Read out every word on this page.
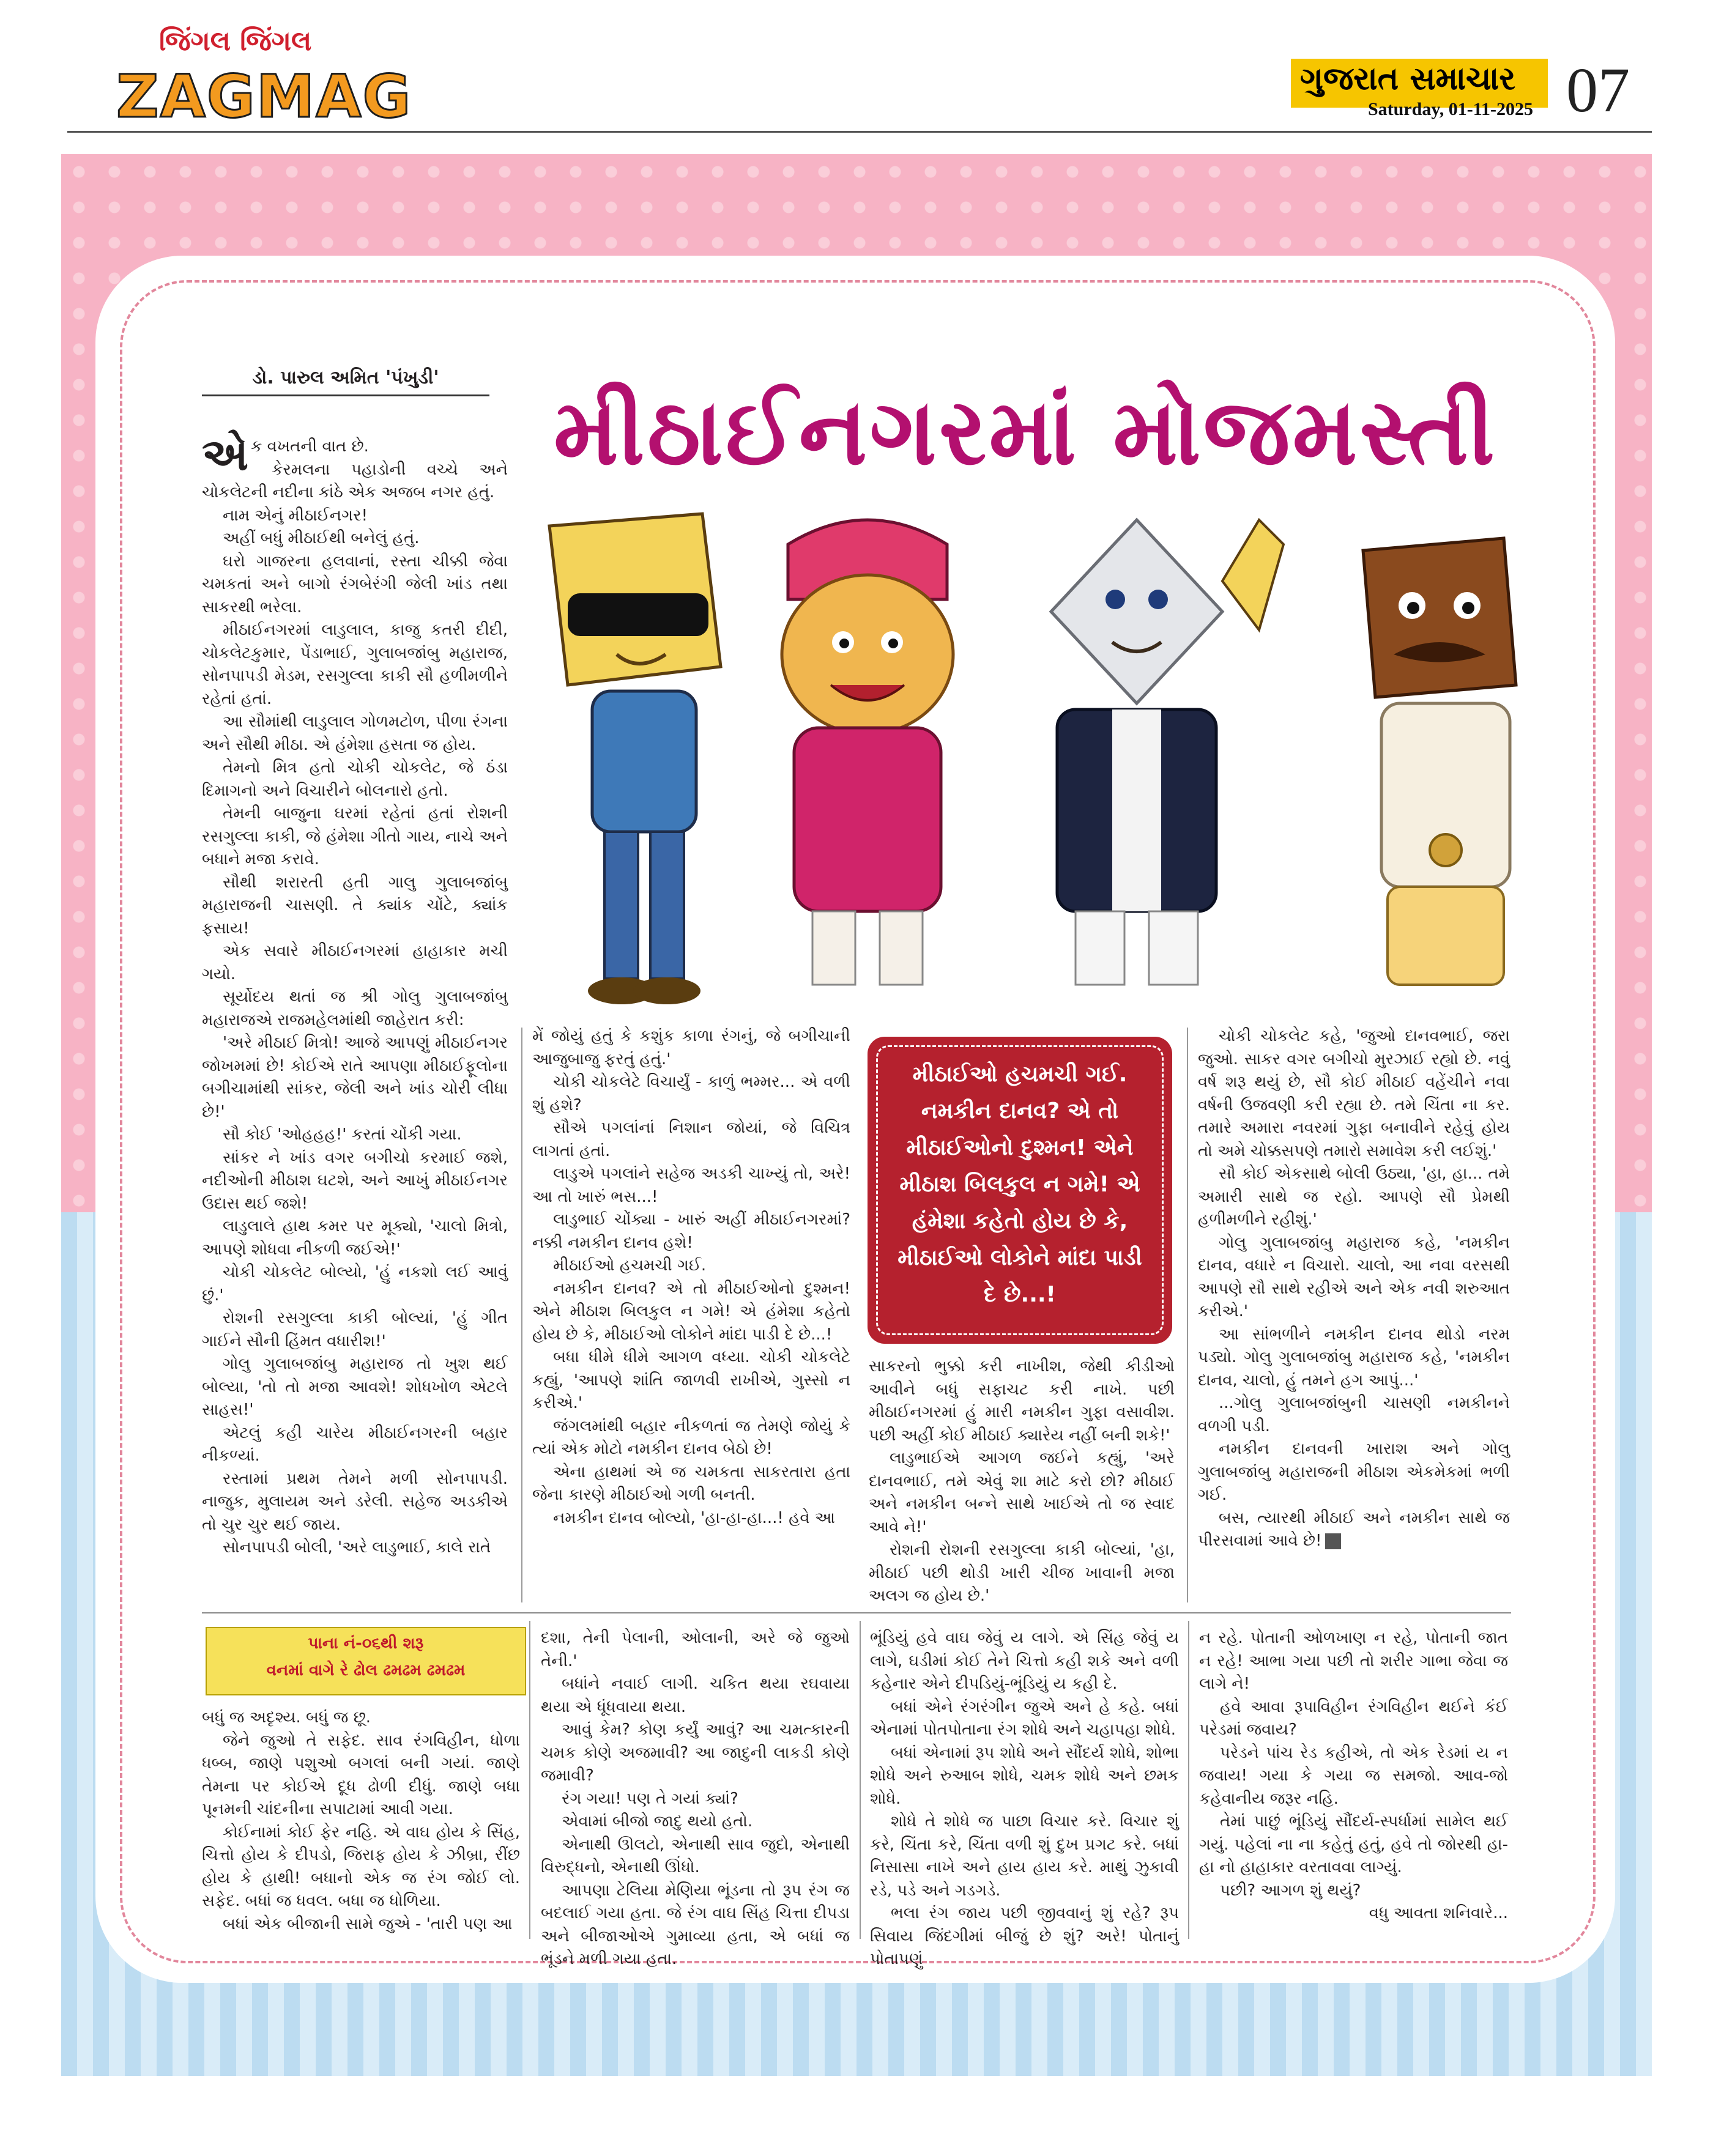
જિંગલ જિંગલ
ZAGMAG	ગુજરાત સમાચાર
Saturday, 01-11-2025 07
ડો. પારુલ અમિત 'પંખુડી'
મીઠાઈનગરમાં મોજમસ્તી

એક વખતની વાત છે.

કેરમલના પહાડોની વચ્ચે અને ચોકલેટની નદીના કાંઠે એક અજબ નગર હતું.

નામ એનું મીઠાઈનગર!

અહીં બધું મીઠાઈથી બનેલું હતું.

ઘરો ગાજરના હલવાનાં, રસ્તા ચીક્કી જેવા ચમકતાં અને બાગો રંગબેરંગી જેલી ખાંડ તથા સાકરથી ભરેલા.

મીઠાઈનગરમાં લાડુલાલ, કાજુ કતરી દીદી, ચોકલેટકુમાર, પેંડાભાઈ, ગુલાબજાંબુ મહારાજ, સોનપાપડી મેડમ, રસગુલ્લા કાકી સૌ હળીમળીને રહેતાં હતાં.

આ સૌમાંથી લાડુલાલ ગોળમટોળ, પીળા રંગના અને સૌથી મીઠા. એ હંમેશા હસતા જ હોય.

તેમનો મિત્ર હતો ચોકી ચોકલેટ, જે ઠંડા દિમાગનો અને વિચારીને બોલનારો હતો.

તેમની બાજુના ઘરમાં રહેતાં હતાં રોશની રસગુલ્લા કાકી, જે હંમેશા ગીતો ગાય, નાચે અને બધાને મજા કરાવે.

સૌથી શરારતી હતી ગાલુ ગુલાબજાંબુ મહારાજની ચાસણી. તે ક્યાંક ચોંટે, ક્યાંક ફસાય!

એક સવારે મીઠાઈનગરમાં હાહાકાર મચી ગયો.

સૂર્યોદય થતાં જ શ્રી ગોલુ ગુલાબજાંબુ મહારાજએ રાજમહેલમાંથી જાહેરાત કરી:

'અરે મીઠાઈ મિત્રો! આજે આપણું મીઠાઈનગર જોખમમાં છે! કોઈએ રાતે આપણા મીઠાઈફૂલોના બગીચામાંથી સાંકર, જેલી અને ખાંડ ચોરી લીધા છે!'

સૌ કોઈ 'ઓહહહ!' કરતાં ચોંકી ગયા.

સાંકર ને ખાંડ વગર બગીચો કરમાઈ જશે, નદીઓની મીઠાશ ઘટશે, અને આખું મીઠાઈનગર ઉદાસ થઈ જશે!

લાડુલાલે હાથ કમર પર મૂક્યો, 'ચાલો મિત્રો, આપણે શોધવા નીકળી જઈએ!'

ચોકી ચોકલેટ બોલ્યો, 'હું નકશો લઈ આવું છું.'

રોશની રસગુલ્લા કાકી બોલ્યાં, 'હું ગીત ગાઈને સૌની હિંમત વધારીશ!'

ગોલુ ગુલાબજાંબુ મહારાજ તો ખુશ થઈ બોલ્યા, 'તો તો મજા આવશે! શોધખોળ એટલે સાહસ!'

એટલું કહી ચારેય મીઠાઈનગરની બહાર નીકળ્યાં.

રસ્તામાં પ્રથમ તેમને મળી સોનપાપડી. નાજુક, મુલાયમ અને ડરેલી. સહેજ અડકીએ તો ચુર ચુર થઈ જાય.

સોનપાપડી બોલી, 'અરે લાડુભાઈ, કાલે રાતે

મેં જોયું હતું કે કશુંક કાળા રંગનું, જે બગીચાની આજુબાજુ ફરતું હતું.'

ચોકી ચોકલેટે વિચાર્યું - કાળું ભમ્મર... એ વળી શું હશે?

સૌએ પગલાંનાં નિશાન જોયાં, જે વિચિત્ર લાગતાં હતાં.

લાડુએ પગલાંને સહેજ અડકી ચાખ્યું તો, અરે! આ તો ખારું ભસ...!

લાડુભાઈ ચોંક્યા - ખારું અહીં મીઠાઈનગરમાં? નક્કી નમકીન દાનવ હશે!

મીઠાઈઓ હચમચી ગઈ.

નમકીન દાનવ? એ તો મીઠાઈઓનો દુશ્મન! એને મીઠાશ બિલકુલ ન ગમે! એ હંમેશા કહેતો હોય છે કે, મીઠાઈઓ લોકોને માંદા પાડી દે છે...!

બધા ધીમે ધીમે આગળ વધ્યા. ચોકી ચોકલેટે કહ્યું, 'આપણે શાંતિ જાળવી રાખીએ, ગુસ્સો ન કરીએ.'

જંગલમાંથી બહાર નીકળતાં જ તેમણે જોયું કે ત્યાં એક મોટો નમકીન દાનવ બેઠો છે!

એના હાથમાં એ જ ચમકતા સાકરતારા હતા જેના કારણે મીઠાઈઓ ગળી બનતી.

નમકીન દાનવ બોલ્યો, 'હા-હા-હા...! હવે આ

મીઠાઈઓ હચમચી ગઈ. નમકીન દાનવ? એ તો મીઠાઈઓનો દુશ્મન! એને મીઠાશ બિલકુલ ન ગમે! એ હંમેશા કહેતો હોય છે કે, મીઠાઈઓ લોકોને માંદા પાડી દે છે...!

સાકરનો ભુક્કો કરી નાખીશ, જેથી કીડીઓ આવીને બધું સફાચટ કરી નાખે. પછી મીઠાઈનગરમાં હું મારી નમકીન ગુફા વસાવીશ. પછી અહીં કોઈ મીઠાઈ ક્યારેય નહીં બની શકે!'

લાડુભાઈએ આગળ જઈને કહ્યું, 'અરે દાનવભાઈ, તમે એવું શા માટે કરો છો? મીઠાઈ અને નમકીન બન્ને સાથે ખાઈએ તો જ સ્વાદ આવે ને!'

રોશની રોશની રસગુલ્લા કાકી બોલ્યાં, 'હા, મીઠાઈ પછી થોડી ખારી ચીજ ખાવાની મજા અલગ જ હોય છે.'

ચોકી ચોકલેટ કહે, 'જુઓ દાનવભાઈ, જરા જુઓ. સાકર વગર બગીચો મુરઝાઈ રહ્યો છે. નવું વર્ષ શરૂ થયું છે, સૌ કોઈ મીઠાઈ વહેંચીને નવા વર્ષની ઉજવણી કરી રહ્યા છે. તમે ચિંતા ના કર. તમારે અમારા નવરમાં ગુફા બનાવીને રહેવું હોય તો અમે ચોક્કસપણે તમારો સમાવેશ કરી લઈશું.'

સૌ કોઈ એકસાથે બોલી ઉઠ્યા, 'હા, હા... તમે અમારી સાથે જ રહો. આપણે સૌ પ્રેમથી હળીમળીને રહીશું.'

ગોલુ ગુલાબજાંબુ મહારાજ કહે, 'નમકીન દાનવ, વધારે ન વિચારો. ચાલો, આ નવા વરસથી આપણે સૌ સાથે રહીએ અને એક નવી શરુઆત કરીએ.'

આ સાંભળીને નમકીન દાનવ થોડો નરમ પડ્યો. ગોલુ ગુલાબજાંબુ મહારાજ કહે, 'નમકીન દાનવ, ચાલો, હું તમને હગ આપું...'

...ગોલુ ગુલાબજાંબુની ચાસણી નમકીનને વળગી પડી.

નમકીન દાનવની ખારાશ અને ગોલુ ગુલાબજાંબુ મહારાજની મીઠાશ એકમેકમાં ભળી ગઈ.

બસ, ત્યારથી મીઠાઈ અને નમકીન સાથે જ પીરસવામાં આવે છે!

પાના નં-૦૬થી શરૂ
વનમાં વાગે રે ઢોલ ઢમઢમ ઢમઢમ

બધું જ અદૃશ્ય. બધું જ છૂ.

જેને જુઓ તે સફેદ. સાવ રંગવિહીન, ધોળા ધબ્બ, જાણે પશુઓ બગલાં બની ગયાં. જાણે તેમના પર કોઈએ દૂધ ઢોળી દીધું. જાણે બધા પૂનમની ચાંદનીના સપાટામાં આવી ગયા.

કોઈનામાં કોઈ ફેર નહિ. એ વાઘ હોય કે સિંહ, ચિત્તો હોય કે દીપડો, જિરાફ હોય કે ઝીબ્રા, રીંછ હોય કે હાથી! બધાનો એક જ રંગ જોઈ લો. સફેદ. બધાં જ ધવલ. બધા જ ધોળિયા.

બધાં એક બીજાની સામે જુએ - 'તારી પણ આ

દશા, તેની પેલાની, ઓલાની, અરે જે જુઓ તેની.'

બધાંને નવાઈ લાગી. ચકિત થયા રઘવાયા થયા એ ધૂંધવાયા થયા.

આવું કેમ? કોણ કર્યું આવું? આ ચમત્કારની ચમક કોણે અજમાવી? આ જાદુની લાકડી કોણે જમાવી?

રંગ ગયા! પણ તે ગયાં ક્યાં?

એવામાં બીજો જાદુ થયો હતો.

એનાથી ઊલટો, એનાથી સાવ જુદો, એનાથી વિરુદ્ધનો, એનાથી ઊંધો.

આપણા ટેલિયા મેણિયા ભૂંડના તો રૂપ રંગ જ બદલાઈ ગયા હતા. જે રંગ વાઘ સિંહ ચિત્તા દીપડા અને બીજાઓએ ગુમાવ્યા હતા, એ બધાં જ ભૂંડને મળી ગયા હતા.

ભૂંડિયું હવે વાઘ જેવું ય લાગે. એ સિંહ જેવું ય લાગે, ઘડીમાં કોઈ તેને ચિત્તો કહી શકે અને વળી કહેનાર એને દીપડિયું-ભૂંડિયું ય કહી દે.

બધાં એને રંગરંગીન જુએ અને હે કહે. બધાં એનામાં પોતપોતાના રંગ શોધે અને ચહાપહા શોધે.

બધાં એનામાં રૂપ શોધે અને સૌંદર્ય શોધે, શોભા શોધે અને રુઆબ શોધે, ચમક શોધે અને છમક શોધે.

શોધે તે શોધે જ પાછા વિચાર કરે. વિચાર શું કરે, ચિંતા કરે, ચિંતા વળી શું દુખ પ્રગટ કરે. બધાં નિસાસા નાખે અને હાય હાય કરે. માથું ઝુકાવી રડે, પડે અને ગડગડે.

ભલા રંગ જાય પછી જીવવાનું શું રહે? રૂપ સિવાય જિંદગીમાં બીજું છે શું? અરે! પોતાનું પોતાપણું

ન રહે. પોતાની ઓળખાણ ન રહે, પોતાની જાત ન રહે! આભા ગયા પછી તો શરીર ગાભા જેવા જ લાગે ને!

હવે આવા રૂપાવિહીન રંગવિહીન થઈને કંઈ પરેડમાં જવાય?

પરેડને પાંચ રેડ કહીએ, તો એક રેડમાં ય ન જવાય! ગયા કે ગયા જ સમજો. આવ-જો કહેવાનીય જરૂર નહિ.

તેમાં પાછું ભૂંડિયું સૌંદર્ય-સ્પર્ધામાં સામેલ થઈ ગયું. પહેલાં ના ના કહેતું હતું, હવે તો જોરથી હા-હા નો હાહાકાર વરતાવવા લાગ્યું.

પછી? આગળ શું થયું?

વધુ આવતા શનિવારે...
